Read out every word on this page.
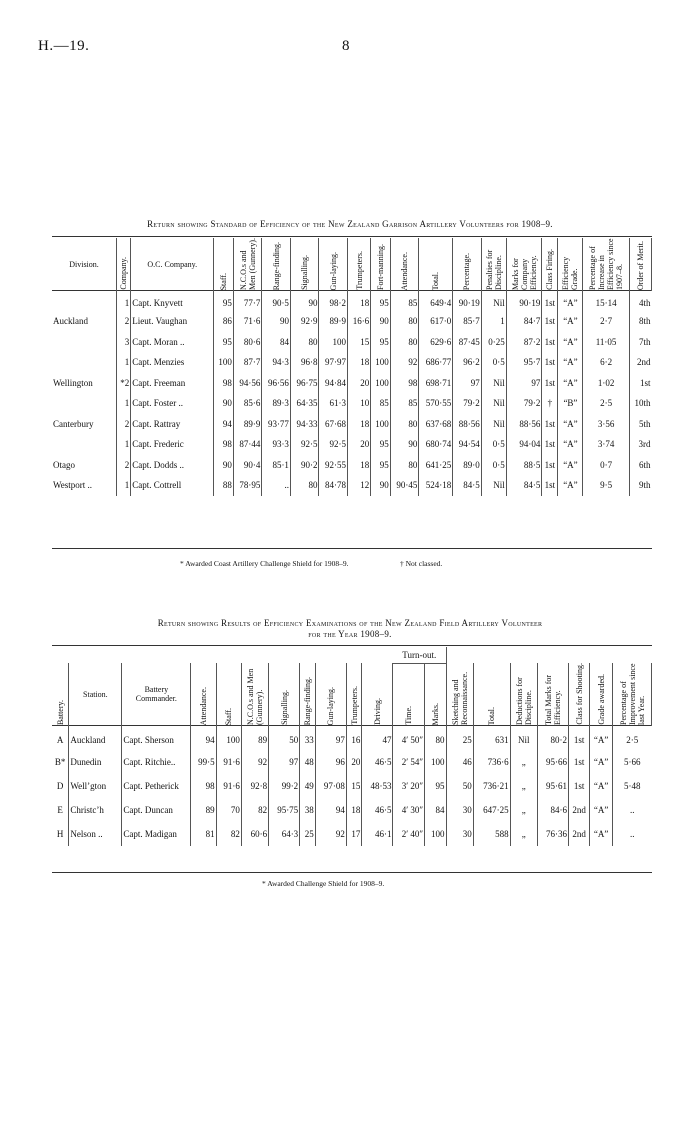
H.—19.	8
Return showing Standard of Efficiency of the New Zealand Garrison Artillery Volunteers for 1908–9.
Division.	Company.	O.C. Company.	Staff.	N.C.O.s and Men (Gunnery).	Range-finding.	Signalling.	Gun-laying.	Trumpeters.	Fort-manning.	Attendance.	Total.	Percentage.	Penalties for Discipline.	Marks for Company Efficiency.	Class Firing.	Efficiency Grade.	Percentage of Increase in Efficiency since 1907–8.	Order of Merit.

	1	Capt. Knyvett	95	77·7	90·5	90	98·2	18	95	85	649·4	90·19	Nil	90·19	1st	“A”	15·14	4th
Auckland	2	Lieut. Vaughan	86	71·6	90	92·9	89·9	16·6	90	80	617·0	85·7	1	84·7	1st	“A”	2·7	8th
	3	Capt. Moran ..	95	80·6	84	80	100	15	95	80	629·6	87·45	0·25	87·2	1st	“A”	11·05	7th
	1	Capt. Menzies	100	87·7	94·3	96·8	97·97	18	100	92	686·77	96·2	0·5	95·7	1st	“A”	6·2	2nd
Wellington	*2	Capt. Freeman	98	94·56	96·56	96·75	94·84	20	100	98	698·71	97	Nil	97	1st	“A”	1·02	1st
	1	Capt. Foster ..	90	85·6	89·3	64·35	61·3	10	85	85	570·55	79·2	Nil	79·2	†	“B”	2·5	10th
Canterbury	2	Capt. Rattray	94	89·9	93·77	94·33	67·68	18	100	80	637·68	88·56	Nil	88·56	1st	“A”	3·56	5th
	1	Capt. Frederic	98	87·44	93·3	92·5	92·5	20	95	90	680·74	94·54	0·5	94·04	1st	“A”	3·74	3rd
Otago	2	Capt. Dodds ..	90	90·4	85·1	90·2	92·55	18	95	80	641·25	89·0	0·5	88·5	1st	“A”	0·7	6th
Westport ..	1	Capt. Cottrell	88	78·95	..	80	84·78	12	90	90·45	524·18	84·5	Nil	84·5	1st	“A”	9·5	9th
* Awarded Coast Artillery Challenge Shield for 1908–9.	† Not classed.
Return showing Results of Efficiency Examinations of the New Zealand Field Artillery Volunteer
for the Year 1908–9.
											Turn-out.								

Battery.	Station.	Battery Commander.	Attendance.	Staff.	N.C.O.s and Men (Gunnery).	Signalling.	Range-finding.	Gun-laying.	Trumpeters.	Driving.	Time.	Marks.	Sketching and Reconnaissance.	Total.	Deductions for Discipline.	Total Marks for Efficiency.	Class for Shooting.	Grade awarded.	Percentage of Improvement since last Year.

A	Auckland	Capt. Sherson	94	100	89	50	33	97	16	47	4′ 50″	80	25	631	Nil	80·2	1st	“A”	2·5
B*	Dunedin	Capt. Ritchie..	99·5	91·6	92	97	48	96	20	46·5	2′ 54″	100	46	736·6	„	95·66	1st	“A”	5·66
D	Well’gton	Capt. Petherick	98	91·6	92·8	99·2	49	97·08	15	48·53	3′ 20″	95	50	736·21	„	95·61	1st	“A”	5·48
E	Christc’h	Capt. Duncan	89	70	82	95·75	38	94	18	46·5	4′ 30″	84	30	647·25	„	84·6	2nd	“A”	..
H	Nelson ..	Capt. Madigan	81	82	60·6	64·3	25	92	17	46·1	2′ 40″	100	30	588	„	76·36	2nd	“A”	..
* Awarded Challenge Shield for 1908–9.
